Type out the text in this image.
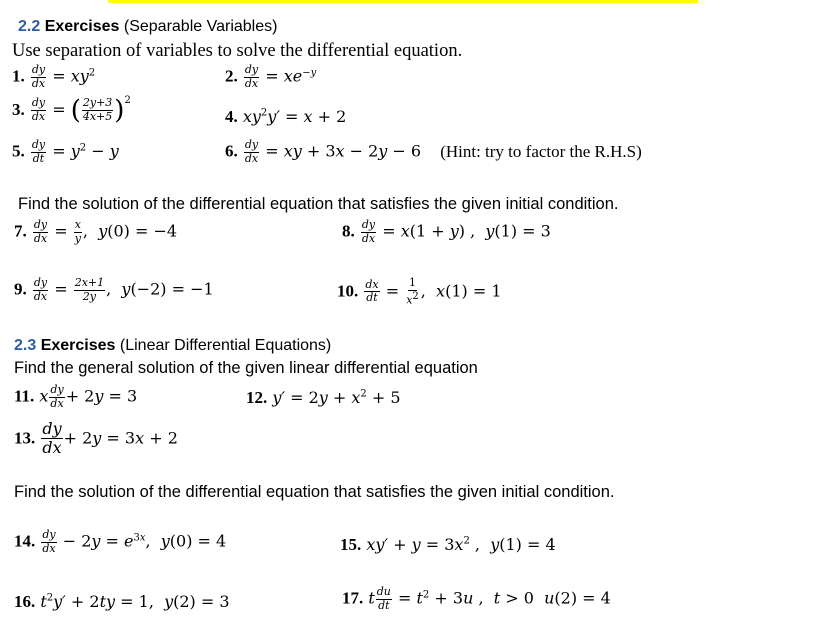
2.2 Exercises (Separable Variables)
Use separation of variables to solve the differential equation.
1. $\frac{dy}{dx} = xy^2$	2. $\frac{dy}{dx} = xe^{-y}$
3. $\frac{dy}{dx}$ = ( $\frac{2y+3}{4x+5} )^2$
4. $xy^2y' = x + 2$
5. $\frac{dy}{dt} = y^2 - y$	6. $\frac{dy}{dx}$ = xy + 3x − 2y − 6 (Hint: try to factor the R.H.S)
Find the solution of the differential equation that satisfies the given initial condition.
7. $\frac{dy}{dx} = \frac{x}{y}$ ,  y(0) = −4	8. $\frac{dy}{dx} = x(1 + y)$ ,  y(1) = 3
9. $\frac{dy}{dx} = \frac{2x+1}{2y}$ ,  y(−2) = −1	10. $\frac{dx}{dt} = \frac{1}{x2}$ ,  x(1) = 1
2.3 Exercises (Linear Differential Equations)
Find the general solution of the given linear differential equation
11. x $\frac{dy}{dx} + 2y = 3$	12. $y' = 2y + x^2 + 5$
13. $\frac{dy}{dx} + 2y = 3x + 2$
Find the solution of the differential equation that satisfies the given initial condition.
14. $\frac{dy}{dx} - 2y = e^{3x}$,  y(0) = 4	15. $xy' + y = 3x^2$ ,  y(1) = 4
16. $t^2y' + 2ty = 1$,  y(2) = 3	17. t $\frac{du}{dt} = t^2 + 3u$ ,  t > 0  u(2) = 4
